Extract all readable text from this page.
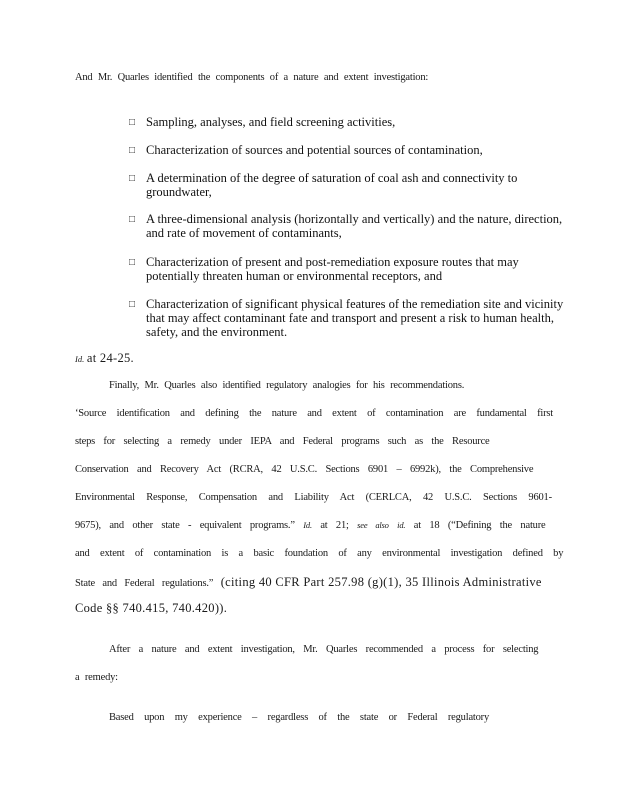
And Mr. Quarles identified the components of a nature and extent investigation:
□ Sampling, analyses, and field screening activities,
□ Characterization of sources and potential sources of contamination,
□ A determination of the degree of saturation of coal ash and connectivity to groundwater,
□ A three-dimensional analysis (horizontally and vertically) and the nature, direction, and rate of movement of contaminants,
□ Characterization of present and post-remediation exposure routes that may potentially threaten human or environmental receptors, and
□ Characterization of significant physical features of the remediation site and vicinity that may affect contaminant fate and transport and present a risk to human health, safety, and the environment.
Id. at 24-25.
Finally, Mr. Quarles also identified regulatory analogies for his recommendations.
‘Source identification and defining the nature and extent of contamination are fundamental first
steps for selecting a remedy under IEPA and Federal programs such as the Resource
Conservation and Recovery Act (RCRA, 42 U.S.C. Sections 6901 – 6992k), the Comprehensive
Environmental Response, Compensation and Liability Act (CERLCA, 42 U.S.C. Sections 9601-
9675), and other state - equivalent programs.” Id. at 21; see also id. at 18 (“Defining the nature
and extent of contamination is a basic foundation of any environmental investigation defined by
State and Federal regulations.” (citing 40 CFR Part 257.98 (g)(1), 35 Illinois Administrative
Code §§ 740.415, 740.420)).
After a nature and extent investigation, Mr. Quarles recommended a process for selecting
a remedy:
Based upon my experience – regardless of the state or Federal regulatory
